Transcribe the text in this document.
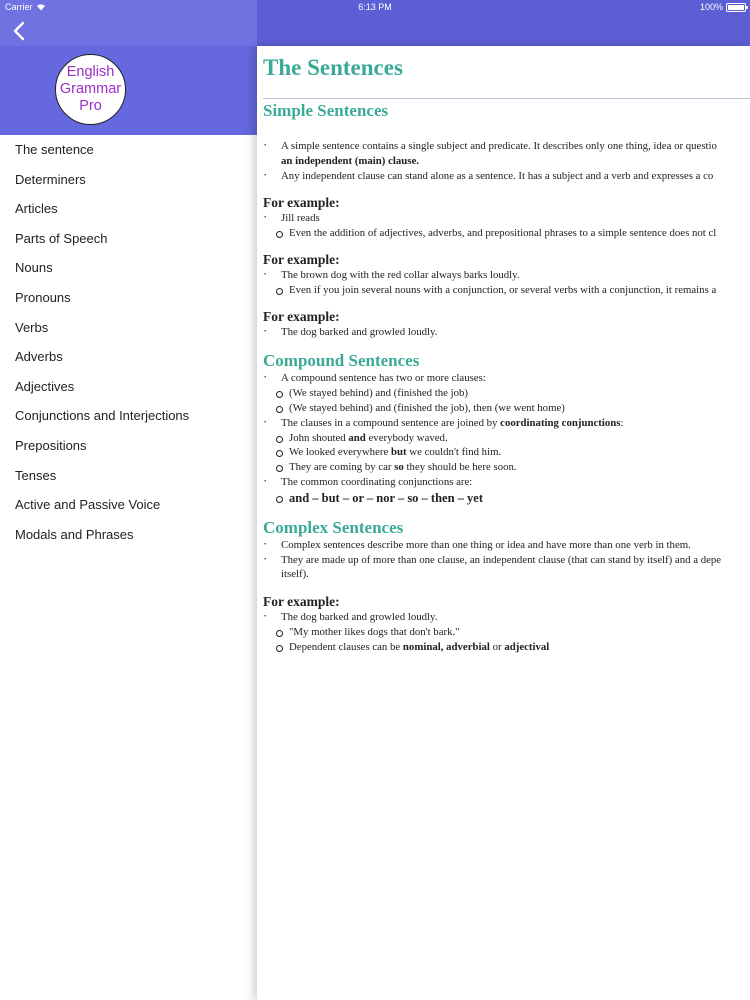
English
Grammar
Pro
The sentence
Determiners
Articles
Parts of Speech
Nouns
Pronouns
Verbs
Adverbs
Adjectives
Conjunctions and Interjections
Prepositions
Tenses
Active and Passive Voice
Modals and Phrases
Carrier	6:13 PM	100%
The Sentences
Simple Sentences
· A simple sentence contains a single subject and predicate. It describes only one thing, idea or questio
an independent (main) clause.
· Any independent clause can stand alone as a sentence. It has a subject and a verb and expresses a co
For example:
· Jill reads
Even the addition of adjectives, adverbs, and prepositional phrases to a simple sentence does not cl
For example:
· The brown dog with the red collar always barks loudly.
Even if you join several nouns with a conjunction, or several verbs with a conjunction, it remains a
For example:
· The dog barked and growled loudly.
Compound Sentences
· A compound sentence has two or more clauses:
(We stayed behind) and (finished the job)
(We stayed behind) and (finished the job), then (we went home)
· The clauses in a compound sentence are joined by coordinating conjunctions:
John shouted and everybody waved.
We looked everywhere but we couldn't find him.
They are coming by car so they should be here soon.
· The common coordinating conjunctions are:
and – but – or – nor – so – then – yet
Complex Sentences
· Complex sentences describe more than one thing or idea and have more than one verb in them.
· They are made up of more than one clause, an independent clause (that can stand by itself) and a depe
itself).
For example:
· The dog barked and growled loudly.
"My mother likes dogs that don't bark."
Dependent clauses can be nominal, adverbial or adjectival
